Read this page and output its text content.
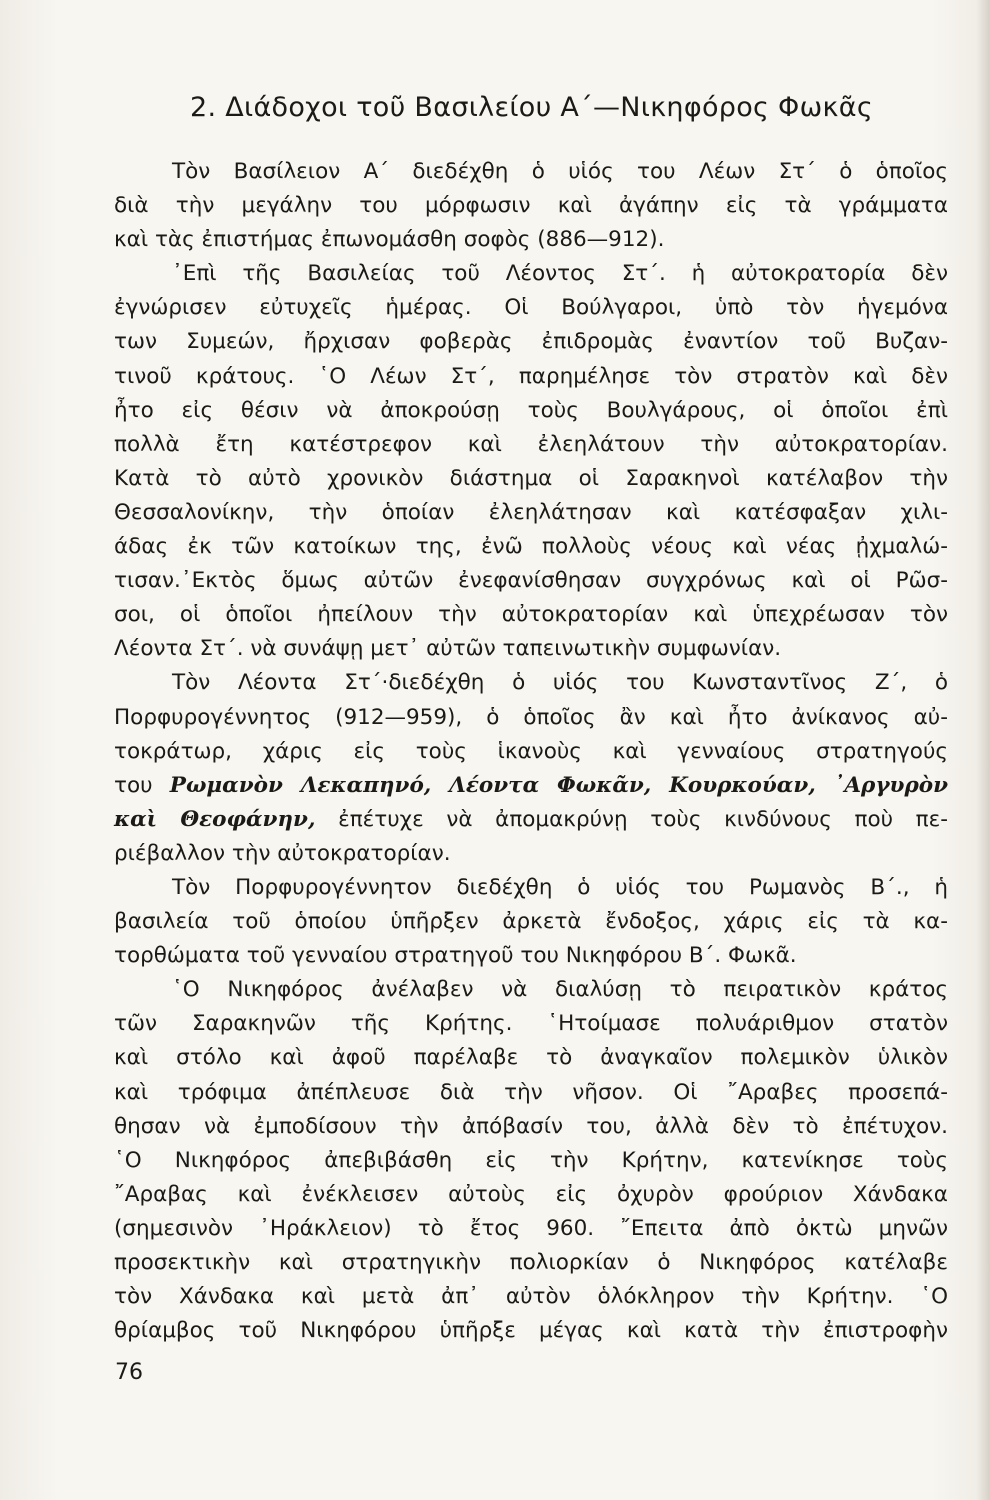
2. Διάδοχοι τοῦ Βασιλείου Α΄—Νικηφόρος Φωκᾶς
Τὸν Βασίλειον Α΄ διεδέχθη ὁ υἱός του Λέων Στ΄ ὁ ὁποῖος
διὰ τὴν μεγάλην του μόρφωσιν καὶ ἀγάπην εἰς τὰ γράμματα
καὶ τὰς ἐπιστήμας ἐπωνομάσθη σοφὸς (886—912).
᾿Επὶ τῆς Βασιλείας τοῦ Λέοντος Στ΄. ἡ αὐτοκρατορία δὲν
ἐγνώρισεν εὐτυχεῖς ἡμέρας. Οἱ Βούλγαροι, ὑπὸ τὸν ἡγεμόνα
των Συμεών, ἤρχισαν φοβερὰς ἐπιδρομὰς ἐναντίον τοῦ Βυζαν-
τινοῦ κράτους. ῾Ο Λέων Στ΄, παρημέλησε τὸν στρατὸν καὶ δὲν
ἦτο εἰς θέσιν νὰ ἀποκρούσῃ τοὺς Βουλγάρους, οἱ ὁποῖοι ἐπὶ
πολλὰ ἔτη κατέστρεφον καὶ ἐλεηλάτουν τὴν αὐτοκρατορίαν.
Κατὰ τὸ αὐτὸ χρονικὸν διάστημα οἱ Σαρακηνοὶ κατέλαβον τὴν
Θεσσαλονίκην, τὴν ὁποίαν ἐλεηλάτησαν καὶ κατέσφαξαν χιλι-
άδας ἐκ τῶν κατοίκων της, ἐνῶ πολλοὺς νέους καὶ νέας ᾐχμαλώ-
τισαν.᾿Εκτὸς ὅμως αὐτῶν ἐνεφανίσθησαν συγχρόνως καὶ οἱ Ρῶσ-
σοι, οἱ ὁποῖοι ἠπείλουν τὴν αὐτοκρατορίαν καὶ ὑπεχρέωσαν τὸν
Λέοντα Στ΄. νὰ συνάψῃ μετ᾿ αὐτῶν ταπεινωτικὴν συμφωνίαν.
Τὸν Λέοντα Στ΄·διεδέχθη ὁ υἱός του Κωνσταντῖνος Ζ΄, ὁ
Πορφυρογέννητος (912—959), ὁ ὁποῖος ἂν καὶ ἦτο ἀνίκανος αὐ-
τοκράτωρ, χάρις εἰς τοὺς ἱκανοὺς καὶ γενναίους στρατηγούς
του Ρωμανὸν Λεκαπηνό, Λέοντα Φωκᾶν, Κουρκούαν, ᾿Αργυρὸν
καὶ Θεοφάνην, ἐπέτυχε νὰ ἀπομακρύνῃ τοὺς κινδύνους ποὺ πε-
ριέβαλλον τὴν αὐτοκρατορίαν.
Τὸν Πορφυρογέννητον διεδέχθη ὁ υἱός του Ρωμανὸς Β΄., ἡ
βασιλεία τοῦ ὁποίου ὑπῆρξεν ἀρκετὰ ἔνδοξος, χάρις εἰς τὰ κα-
τορθώματα τοῦ γενναίου στρατηγοῦ του Νικηφόρου Β΄. Φωκᾶ.
῾Ο Νικηφόρος ἀνέλαβεν νὰ διαλύσῃ τὸ πειρατικὸν κράτος
τῶν Σαρακηνῶν τῆς Κρήτης. ῾Ητοίμασε πολυάριθμον στατὸν
καὶ στόλο καὶ ἀφοῦ παρέλαβε τὸ ἀναγκαῖον πολεμικὸν ὑλικὸν
καὶ τρόφιμα ἀπέπλευσε διὰ τὴν νῆσον. Οἱ ῎Αραβες προσεπά-
θησαν νὰ ἐμποδίσουν τὴν ἀπόβασίν του, ἀλλὰ δὲν τὸ ἐπέτυχον.
῾Ο Νικηφόρος ἀπεβιβάσθη εἰς τὴν Κρήτην, κατενίκησε τοὺς
῎Αραβας καὶ ἐνέκλεισεν αὐτοὺς εἰς ὀχυρὸν φρούριον Χάνδακα
(σημεσινὸν ᾿Ηράκλειον) τὸ ἔτος 960. ῎Επειτα ἀπὸ ὀκτὼ μηνῶν
προσεκτικὴν καὶ στρατηγικὴν πολιορκίαν ὁ Νικηφόρος κατέλαβε
τὸν Χάνδακα καὶ μετὰ ἀπ᾿ αὐτὸν ὁλόκληρον τὴν Κρήτην. ῾Ο
θρίαμβος τοῦ Νικηφόρου ὑπῆρξε μέγας καὶ κατὰ τὴν ἐπιστροφὴν
76
